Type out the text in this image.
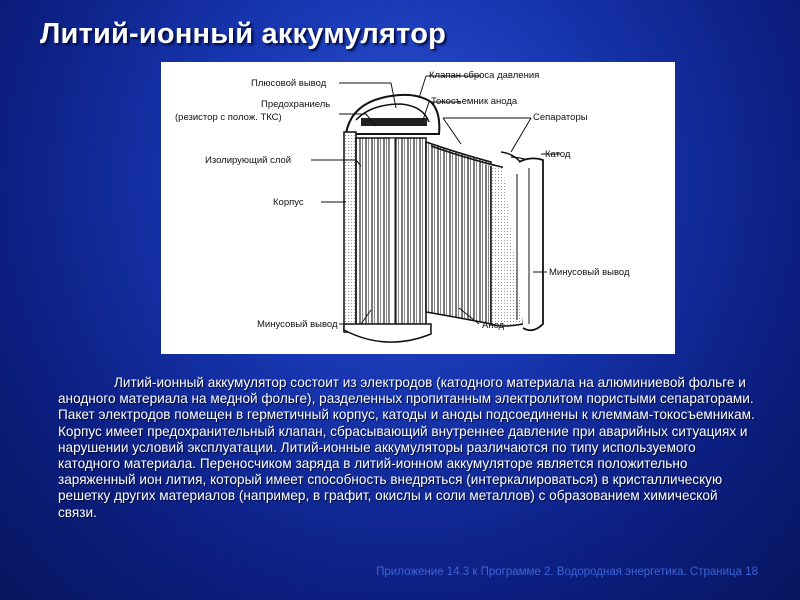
Литий-ионный аккумулятор
Плюсовой вывод
Предохраниель
(резистор с полож. ТКС)
Изолирующий слой
Корпус
Минусовый вывод
Клапан сброса давления
Токосъемник анода
Сепараторы
Катод
Минусовый вывод
Анод

Литий-ионный аккумулятор состоит из электродов (катодного материала на алюминиевой фольге и анодного материала на медной фольге), разделенных пропитанным электролитом пористыми сепараторами. Пакет электродов помещен в герметичный корпус, катоды и аноды подсоединены к клеммам-токосъемникам. Корпус имеет предохранительный клапан, сбрасывающий внутреннее давление при аварийных ситуациях и нарушении условий эксплуатации. Литий-ионные аккумуляторы различаются по типу используемого катодного материала. Переносчиком заряда в литий-ионном аккумуляторе является положительно заряженный ион лития, который имеет способность внедряться (интеркалироваться) в кристаллическую решетку других материалов (например, в графит, окислы и соли металлов) с образованием химической связи.

Приложение 14.3 к Программе 2. Водородная энергетика. Страница 18
